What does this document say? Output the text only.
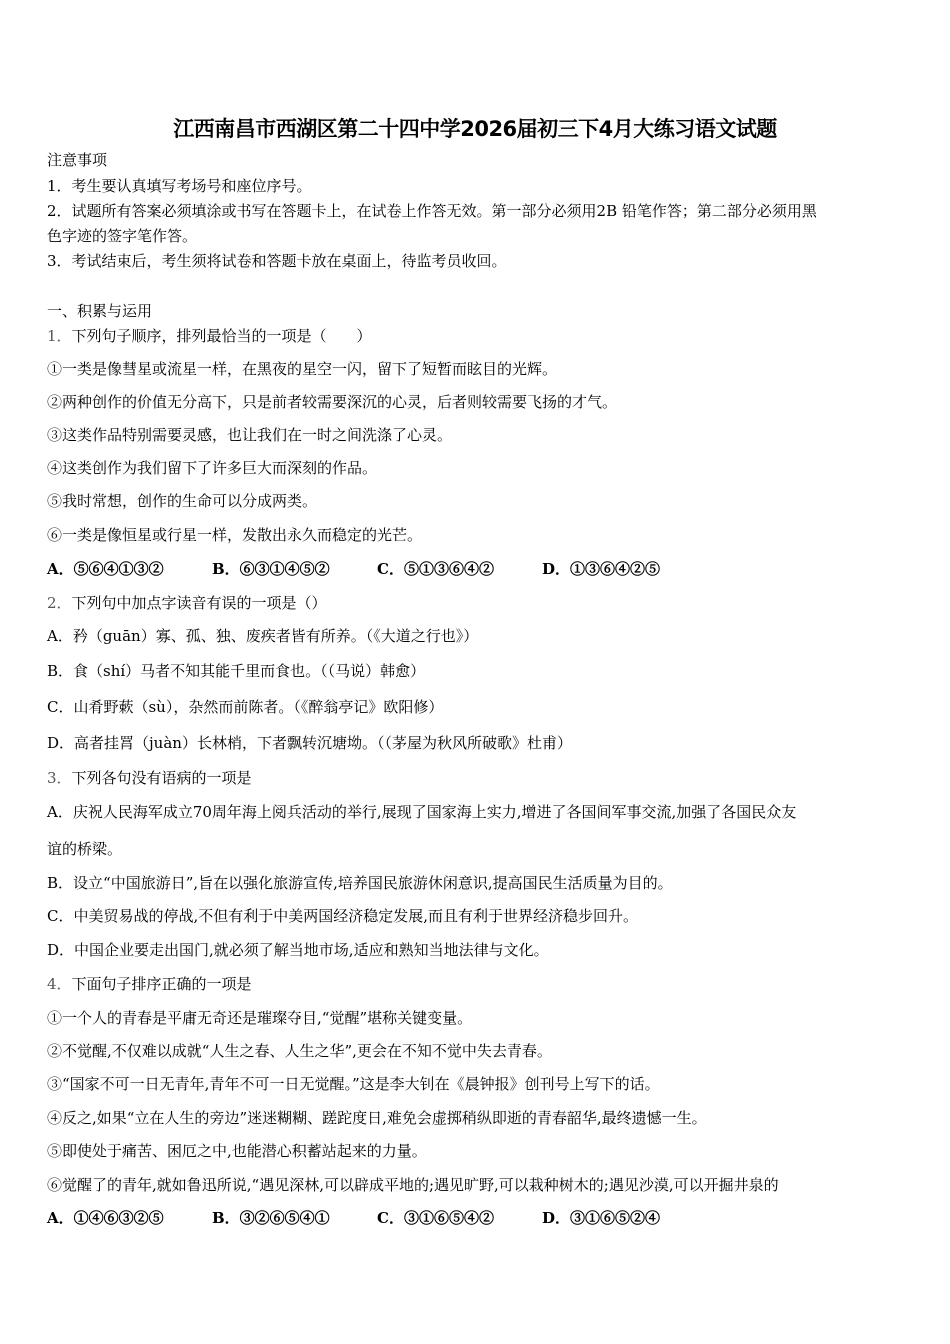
江西南昌市西湖区第二十四中学2026届初三下4月大练习语文试题
注意事项
1．考生要认真填写考场号和座位序号。
2．试题所有答案必须填涂或书写在答题卡上，在试卷上作答无效。第一部分必须用2B 铅笔作答；第二部分必须用黑
色字迹的签字笔作答。
3．考试结束后，考生须将试卷和答题卡放在桌面上，待监考员收回。
一、积累与运用
1．下列句子顺序，排列最恰当的一项是（　　）
①一类是像彗星或流星一样，在黑夜的星空一闪，留下了短暂而眩目的光辉。
②两种创作的价值无分高下，只是前者较需要深沉的心灵，后者则较需要飞扬的才气。
③这类作品特别需要灵感，也让我们在一时之间洗涤了心灵。
④这类创作为我们留下了许多巨大而深刻的作品。
⑤我时常想，创作的生命可以分成两类。
⑥一类是像恒星或行星一样，发散出永久而稳定的光芒。
A．⑤⑥④①③②	B．⑥③①④⑤②	C．⑤①③⑥④②	D．①③⑥④②⑤
2．下列句中加点字读音有误的一项是（）
A．矜（guān）寡、孤、独、废疾者皆有所养。（《大道之行也》）
B．食（shí）马者不知其能千里而食也。（（马说）韩愈）
C．山肴野蔌（sù），杂然而前陈者。（《醉翁亭记》欧阳修）
D．高者挂罥（juàn）长林梢，下者飘转沉塘坳。（（茅屋为秋风所破歌》杜甫）
3．下列各句没有语病的一项是
A．庆祝人民海军成立70周年海上阅兵活动的举行,展现了国家海上实力,增进了各国间军事交流,加强了各国民众友
谊的桥梁。
B．设立“中国旅游日”,旨在以强化旅游宣传,培养国民旅游休闲意识,提高国民生活质量为目的。
C．中美贸易战的停战,不但有利于中美两国经济稳定发展,而且有利于世界经济稳步回升。
D．中国企业要走出国门,就必须了解当地市场,适应和熟知当地法律与文化。
4．下面句子排序正确的一项是
①一个人的青春是平庸无奇还是璀璨夺目,“觉醒”堪称关键变量。
②不觉醒,不仅难以成就“人生之春、人生之华”,更会在不知不觉中失去青春。
③“国家不可一日无青年,青年不可一日无觉醒。”这是李大钊在《晨钟报》创刊号上写下的话。
④反之,如果“立在人生的旁边”迷迷糊糊、蹉跎度日,难免会虚掷稍纵即逝的青春韶华,最终遗憾一生。
⑤即使处于痛苦、困厄之中,也能潜心积蓄站起来的力量。
⑥觉醒了的青年,就如鲁迅所说,“遇见深林,可以辟成平地的;遇见旷野,可以栽种树木的;遇见沙漠,可以开掘井泉的
A．①④⑥③②⑤	B．③②⑥⑤④①	C．③①⑥⑤④②	D．③①⑥⑤②④
